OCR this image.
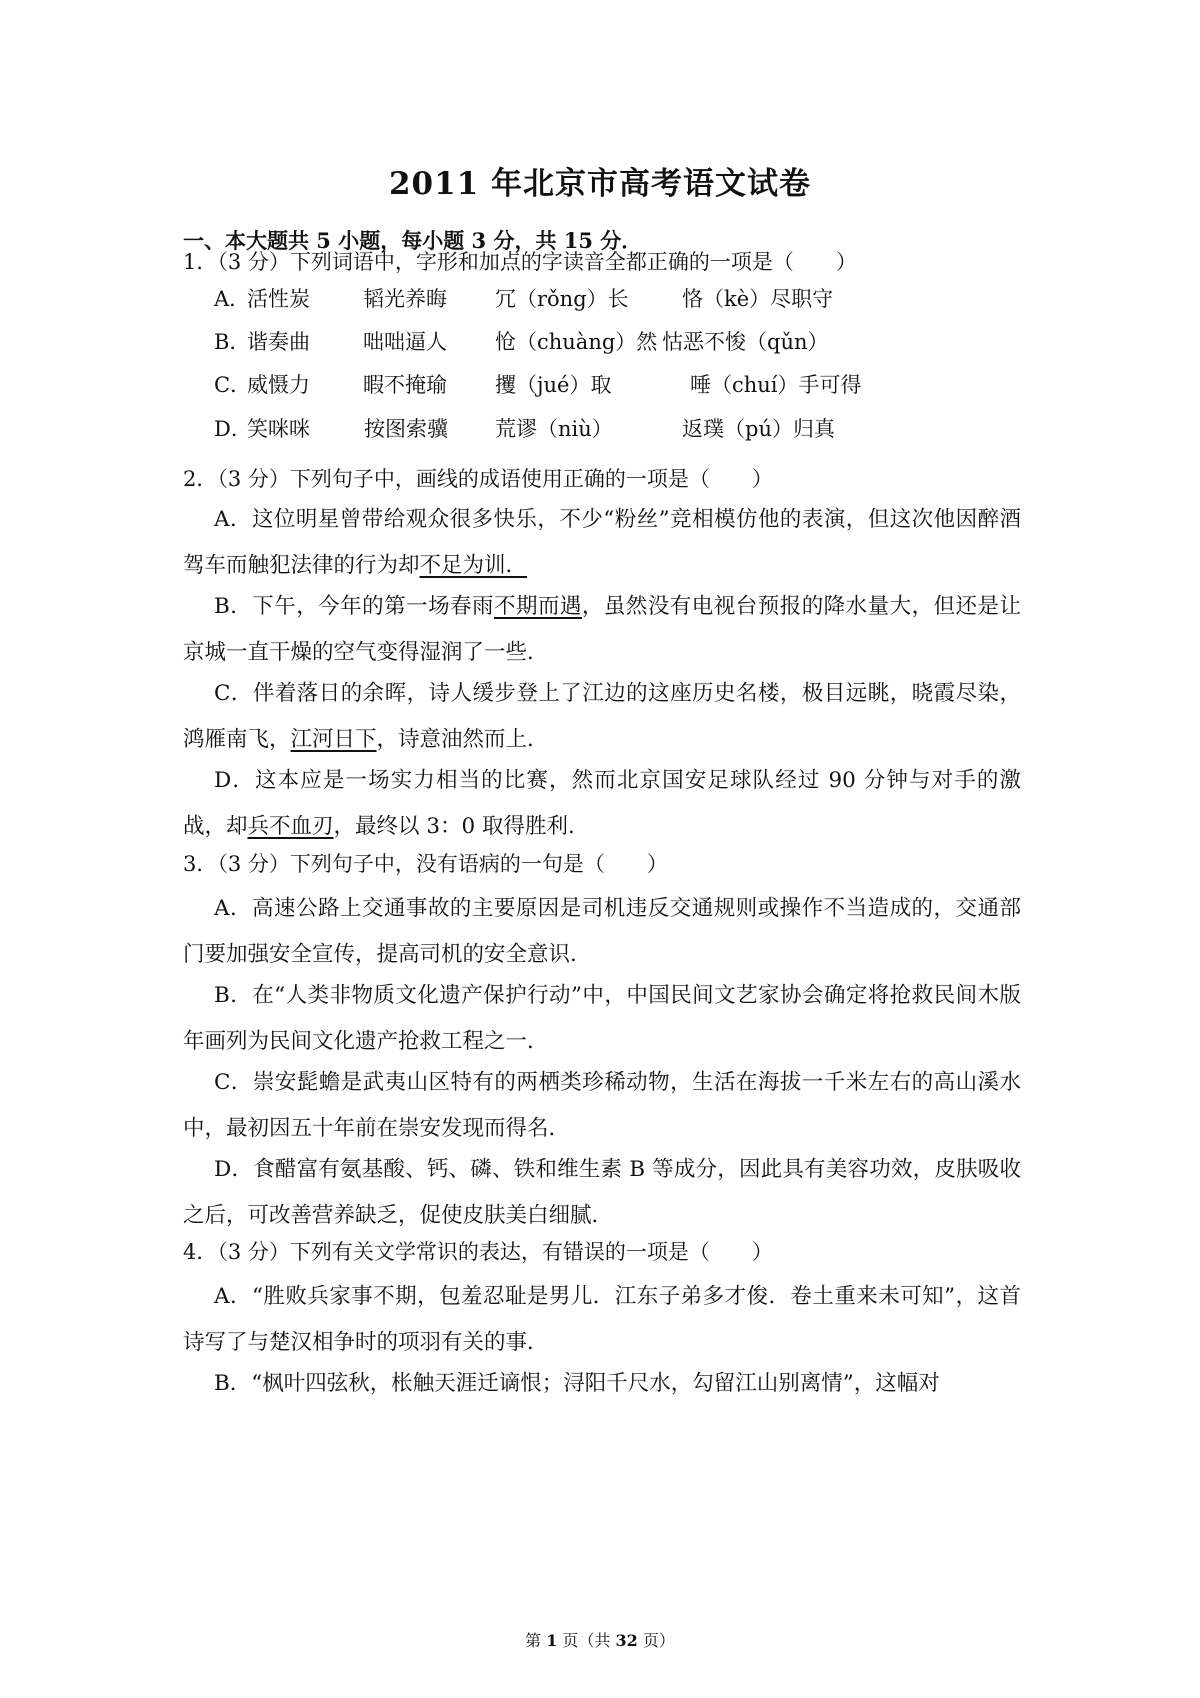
2011 年北京市高考语文试卷
一、本大题共 5 小题，每小题 3 分，共 15 分．
1．（3 分）下列词语中，字形和加点的字读音全都正确的一项是（　　）
A．
活性炭	韬光养晦 冗（rǒng）长	恪（kè）尽职守
B．
谐奏曲	咄咄逼人 怆（chuàng）然 怙恶不悛（qǔn）
C．
威慑力	暇不掩瑜 攫（jué）取	唾（chuí）手可得
D．
笑咪咪	按图索骥 荒谬（niù）	返璞（pú）归真
2．（3 分）下列句子中，画线的成语使用正确的一项是（　　）

A．这位明星曾带给观众很多快乐，不少“粉丝”竞相模仿他的表演，但这次他因醉酒驾车而触犯法律的行为却不足为训．

B．下午，今年的第一场春雨不期而遇，虽然没有电视台预报的降水量大，但还是让京城一直干燥的空气变得湿润了一些．

C．伴着落日的余晖，诗人缓步登上了江边的这座历史名楼，极目远眺，晓霞尽染，鸿雁南飞，江河日下，诗意油然而上．

D．这本应是一场实力相当的比赛，然而北京国安足球队经过 90 分钟与对手的激战，却兵不血刃，最终以 3：0 取得胜利．

3．（3 分）下列句子中，没有语病的一句是（　　）

A．高速公路上交通事故的主要原因是司机违反交通规则或操作不当造成的，交通部门要加强安全宣传，提高司机的安全意识．

B．在“人类非物质文化遗产保护行动”中，中国民间文艺家协会确定将抢救民间木版年画列为民间文化遗产抢救工程之一．

C．崇安髭蟾是武夷山区特有的两栖类珍稀动物，生活在海拔一千米左右的高山溪水中，最初因五十年前在崇安发现而得名．

D．食醋富有氨基酸、钙、磷、铁和维生素 B 等成分，因此具有美容功效，皮肤吸收之后，可改善营养缺乏，促使皮肤美白细腻．

4．（3 分）下列有关文学常识的表达，有错误的一项是（　　）

A．“胜败兵家事不期，包羞忍耻是男儿．江东子弟多才俊．卷土重来未可知”，这首诗写了与楚汉相争时的项羽有关的事．

B．“枫叶四弦秋，枨触天涯迁谪恨；浔阳千尺水，勾留江山别离情”，这幅对

第 1 页（共 32 页）
